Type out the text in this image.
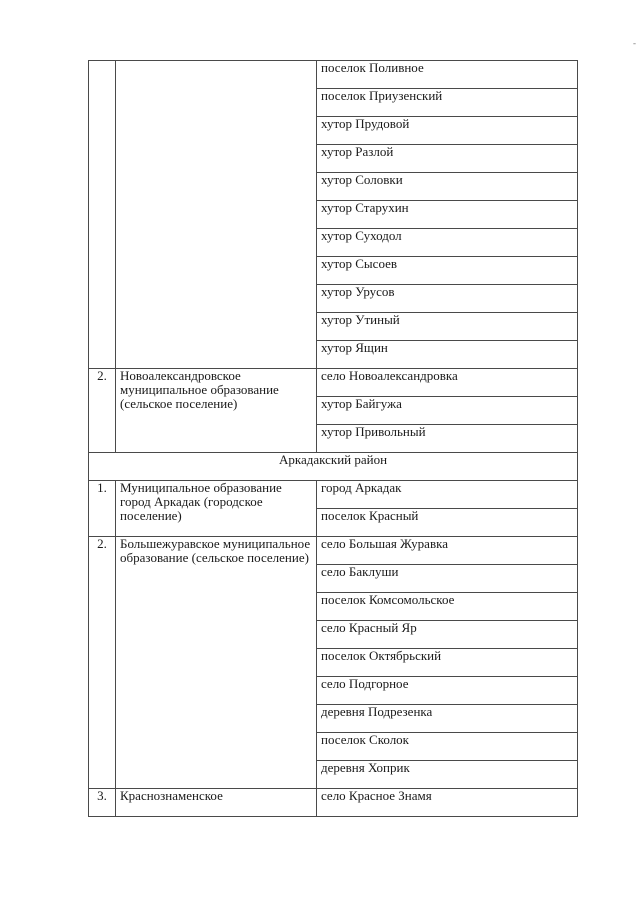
-
		поселок Поливное
		поселок Приузенский
		хутор Прудовой
		хутор Разлой
		хутор Соловки
		хутор Старухин
		хутор Суходол
		хутор Сысоев
		хутор Урусов
		хутор Утиный
		хутор Ящин
2.	Новоалександровское муниципальное образование (сельское поселение)	село Новоалександровка
		хутор Байгужа
		хутор Привольный
Аркадакский район		
1.	Муниципальное образование город Аркадак (городское поселение)	город Аркадак
		поселок Красный
2.	Большежуравское муниципальное образование (сельское поселение)	село Большая Журавка
		село Баклуши
		поселок Комсомольское
		село Красный Яр
		поселок Октябрьский
		село Подгорное
		деревня Подрезенка
		поселок Сколок
		деревня Хоприк
3.	Краснознаменское	село Красное Знамя
